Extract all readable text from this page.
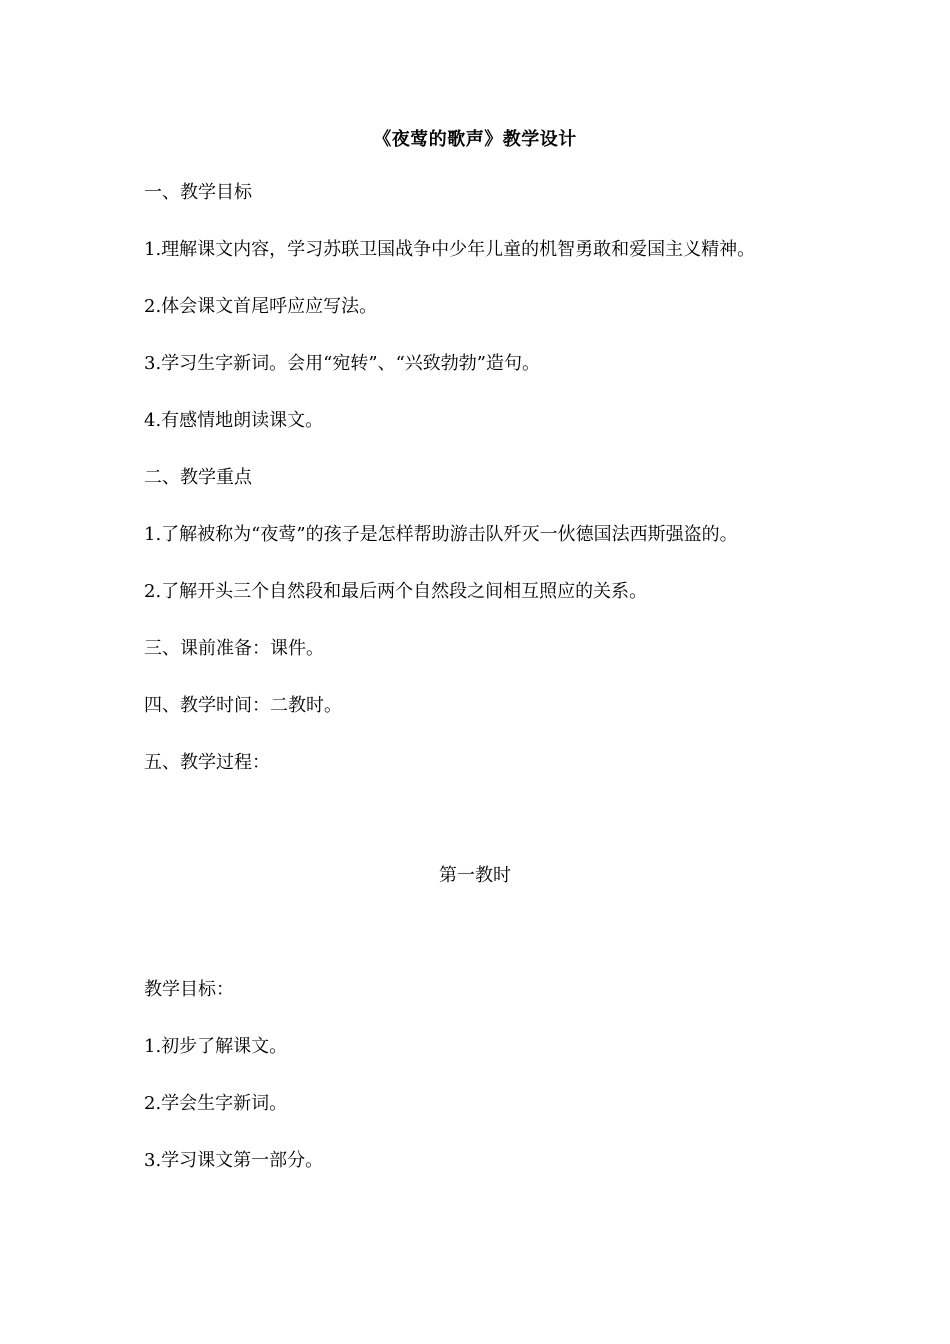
《夜莺的歌声》教学设计
一、教学目标
1.理解课文内容，学习苏联卫国战争中少年儿童的机智勇敢和爱国主义精神。
2.体会课文首尾呼应应写法。
3.学习生字新词。会用“宛转”、“兴致勃勃”造句。
4.有感情地朗读课文。
二、教学重点
1.了解被称为“夜莺”的孩子是怎样帮助游击队歼灭一伙德国法西斯强盗的。
2.了解开头三个自然段和最后两个自然段之间相互照应的关系。
三、课前准备：课件。
四、教学时间：二教时。
五、教学过程：
第一教时
教学目标：
1.初步了解课文。
2.学会生字新词。
3.学习课文第一部分。
